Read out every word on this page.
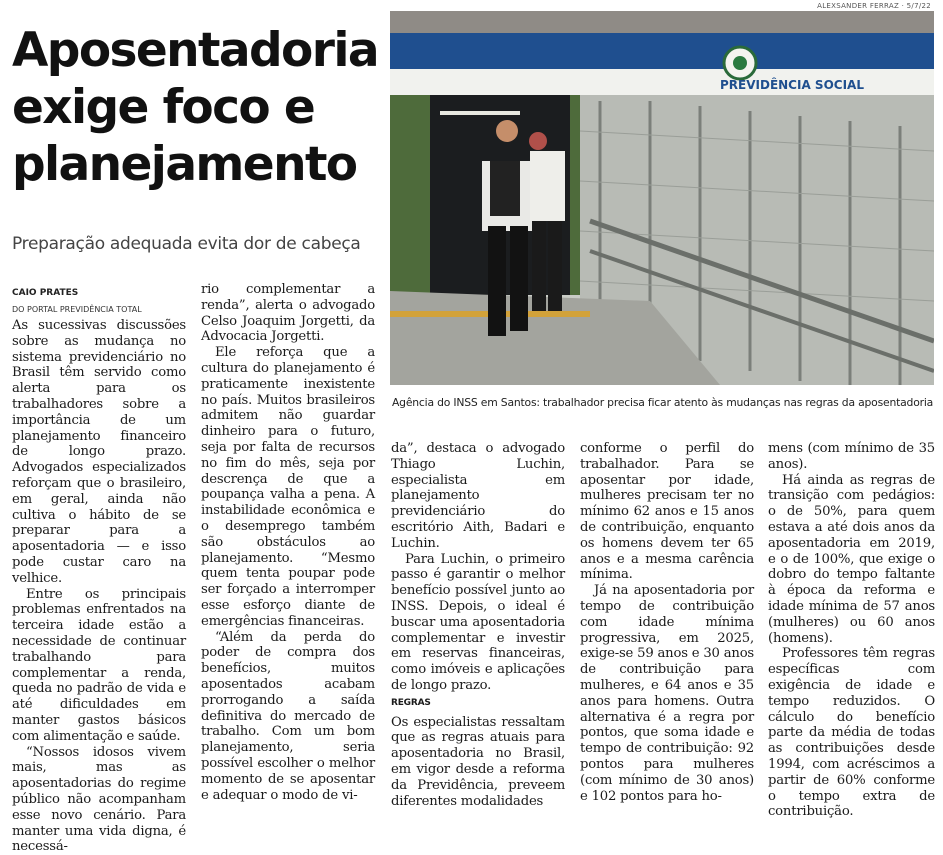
ALEXSANDER FERRAZ · 5/7/22
Aposentadoria exige foco e planejamento
Preparação adequada evita dor de cabeça
CAIO PRATES
DO PORTAL PREVIDÊNCIA TOTAL
PREVIDÊNCIA SOCIAL
Agência do INSS em Santos: trabalhador precisa ficar atento às mudanças nas regras da aposentadoria

As sucessivas discussões sobre as mudança no sistema previdenciário no Brasil têm servido como alerta para os trabalhadores sobre a importância de um planejamento financeiro de longo prazo. Advogados especializados reforçam que o brasileiro, em geral, ainda não cultiva o hábito de se preparar para a aposentadoria — e isso pode custar caro na velhice.

Entre os principais problemas enfrentados na terceira idade estão a necessidade de continuar trabalhando para complementar a renda, queda no padrão de vida e até dificuldades em manter gastos básicos com alimentação e saúde.

“Nossos idosos vivem mais, mas as aposentadorias do regime público não acompanham esse novo cenário. Para manter uma vida digna, é necessá-

rio complementar a renda”, alerta o advogado Celso Joaquim Jorgetti, da Advocacia Jorgetti.

Ele reforça que a cultura do planejamento é praticamente inexistente no país. Muitos brasileiros admitem não guardar dinheiro para o futuro, seja por falta de recursos no fim do mês, seja por descrença de que a poupança valha a pena. A instabilidade econômica e o desemprego também são obstáculos ao planejamento. “Mesmo quem tenta poupar pode ser forçado a interromper esse esforço diante de emergências financeiras.

“Além da perda do poder de compra dos benefícios, muitos aposentados acabam prorrogando a saída definitiva do mercado de trabalho. Com um bom planejamento, seria possível escolher o melhor momento de se aposentar e adequar o modo de vi-

da”, destaca o advogado Thiago Luchin, especialista em planejamento previdenciário do escritório Aith, Badari e Luchin.

Para Luchin, o primeiro passo é garantir o melhor benefício possível junto ao INSS. Depois, o ideal é buscar uma aposentadoria complementar e investir em reservas financeiras, como imóveis e aplicações de longo prazo.

REGRAS

Os especialistas ressaltam que as regras atuais para aposentadoria no Brasil, em vigor desde a reforma da Previdência, preveem diferentes modalidades

conforme o perfil do trabalhador. Para se aposentar por idade, mulheres precisam ter no mínimo 62 anos e 15 anos de contribuição, enquanto os homens devem ter 65 anos e a mesma carência mínima.

Já na aposentadoria por tempo de contribuição com idade mínima progressiva, em 2025, exige-se 59 anos e 30 anos de contribuição para mulheres, e 64 anos e 35 anos para homens. Outra alternativa é a regra por pontos, que soma idade e tempo de contribuição: 92 pontos para mulheres (com mínimo de 30 anos) e 102 pontos para ho-

mens (com mínimo de 35 anos).

Há ainda as regras de transição com pedágios: o de 50%, para quem estava a até dois anos da aposentadoria em 2019, e o de 100%, que exige o dobro do tempo faltante à época da reforma e idade mínima de 57 anos (mulheres) ou 60 anos (homens).

Professores têm regras específicas com exigência de idade e tempo reduzidos. O cálculo do benefício parte da média de todas as contribuições desde 1994, com acréscimos a partir de 60% conforme o tempo extra de contribuição.
